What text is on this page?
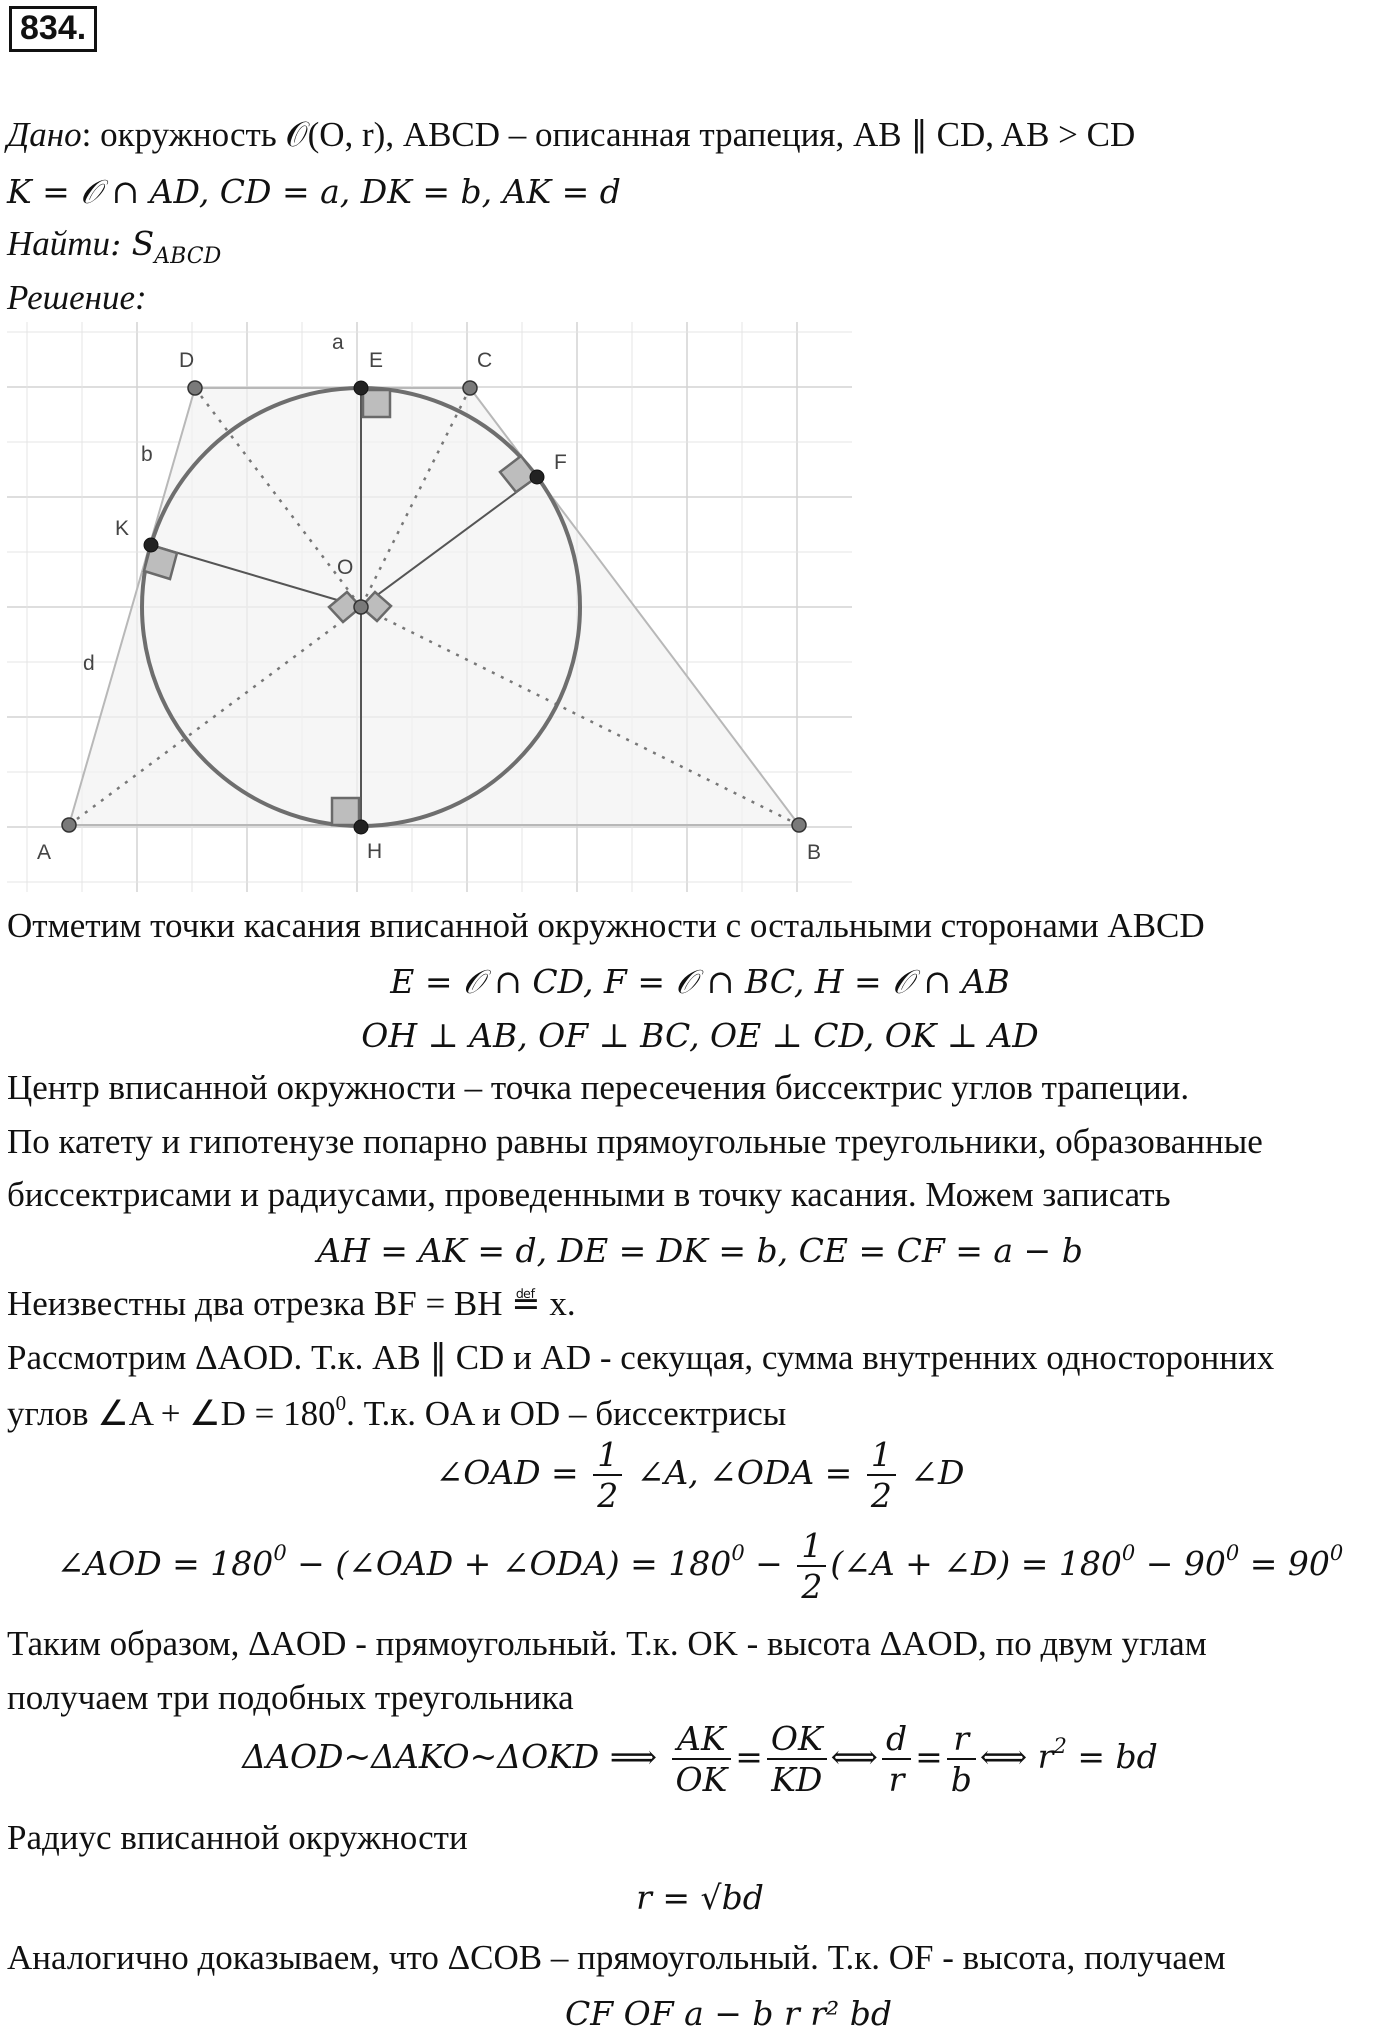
834.
Дано: окружность 𝒪(O, r), ABCD – описанная трапеция, AB ∥ CD, AB > CD
K = 𝒪 ∩ AD, CD = a, DK = b, AK = d
Найти: $S_{ABCD}$
Решение:
A	B
C
D	E
F
H
K
O
a
b
d
Отметим точки касания вписанной окружности с остальными сторонами ABCD
E = 𝒪 ∩ CD, F = 𝒪 ∩ BC, H = 𝒪 ∩ AB
OH ⊥ AB, OF ⊥ BC, OE ⊥ CD, OK ⊥ AD
Центр вписанной окружности – точка пересечения биссектрис углов трапеции.
По катету и гипотенузе попарно равны прямоугольные треугольники, образованные
биссектрисами и радиусами, проведенными в точку касания. Можем записать
AH = AK = d, DE = DK = b, CE = CF = a − b
Неизвестны два отрезка BF = BH ≝ x.
Рассмотрим ΔAOD. Т.к. AB ∥ CD и AD - секущая, сумма внутренних односторонних
углов ∠A + ∠D = $180^0$. Т.к. OA и OD – биссектрисы
∠OAD = $\frac{1}{2}$ ∠A, ∠ODA = $\frac{1}{2}$ ∠D
∠AOD = $180^0$ − (∠OAD + ∠ODA) = $180^0 - \frac{1}{2}$ (∠A + ∠D) = $180^0 - 90^0 = 90^0$
Таким образом, ΔAOD - прямоугольный. Т.к. OK - высота ΔAOD, по двум углам
получаем три подобных треугольника
ΔAOD~ΔAKO~ΔOKD ⟹ $\frac{AK}{OK} = \frac{OK}{KD}$ ⟺ $\frac{d}{r} = \frac{r}{b}$ ⟺ $r^2$ = bd
Радиус вписанной окружности
r = √bd
Аналогично доказываем, что ΔCOB – прямоугольный. Т.к. OF - высота, получаем
CF OF a − b r r² bd
